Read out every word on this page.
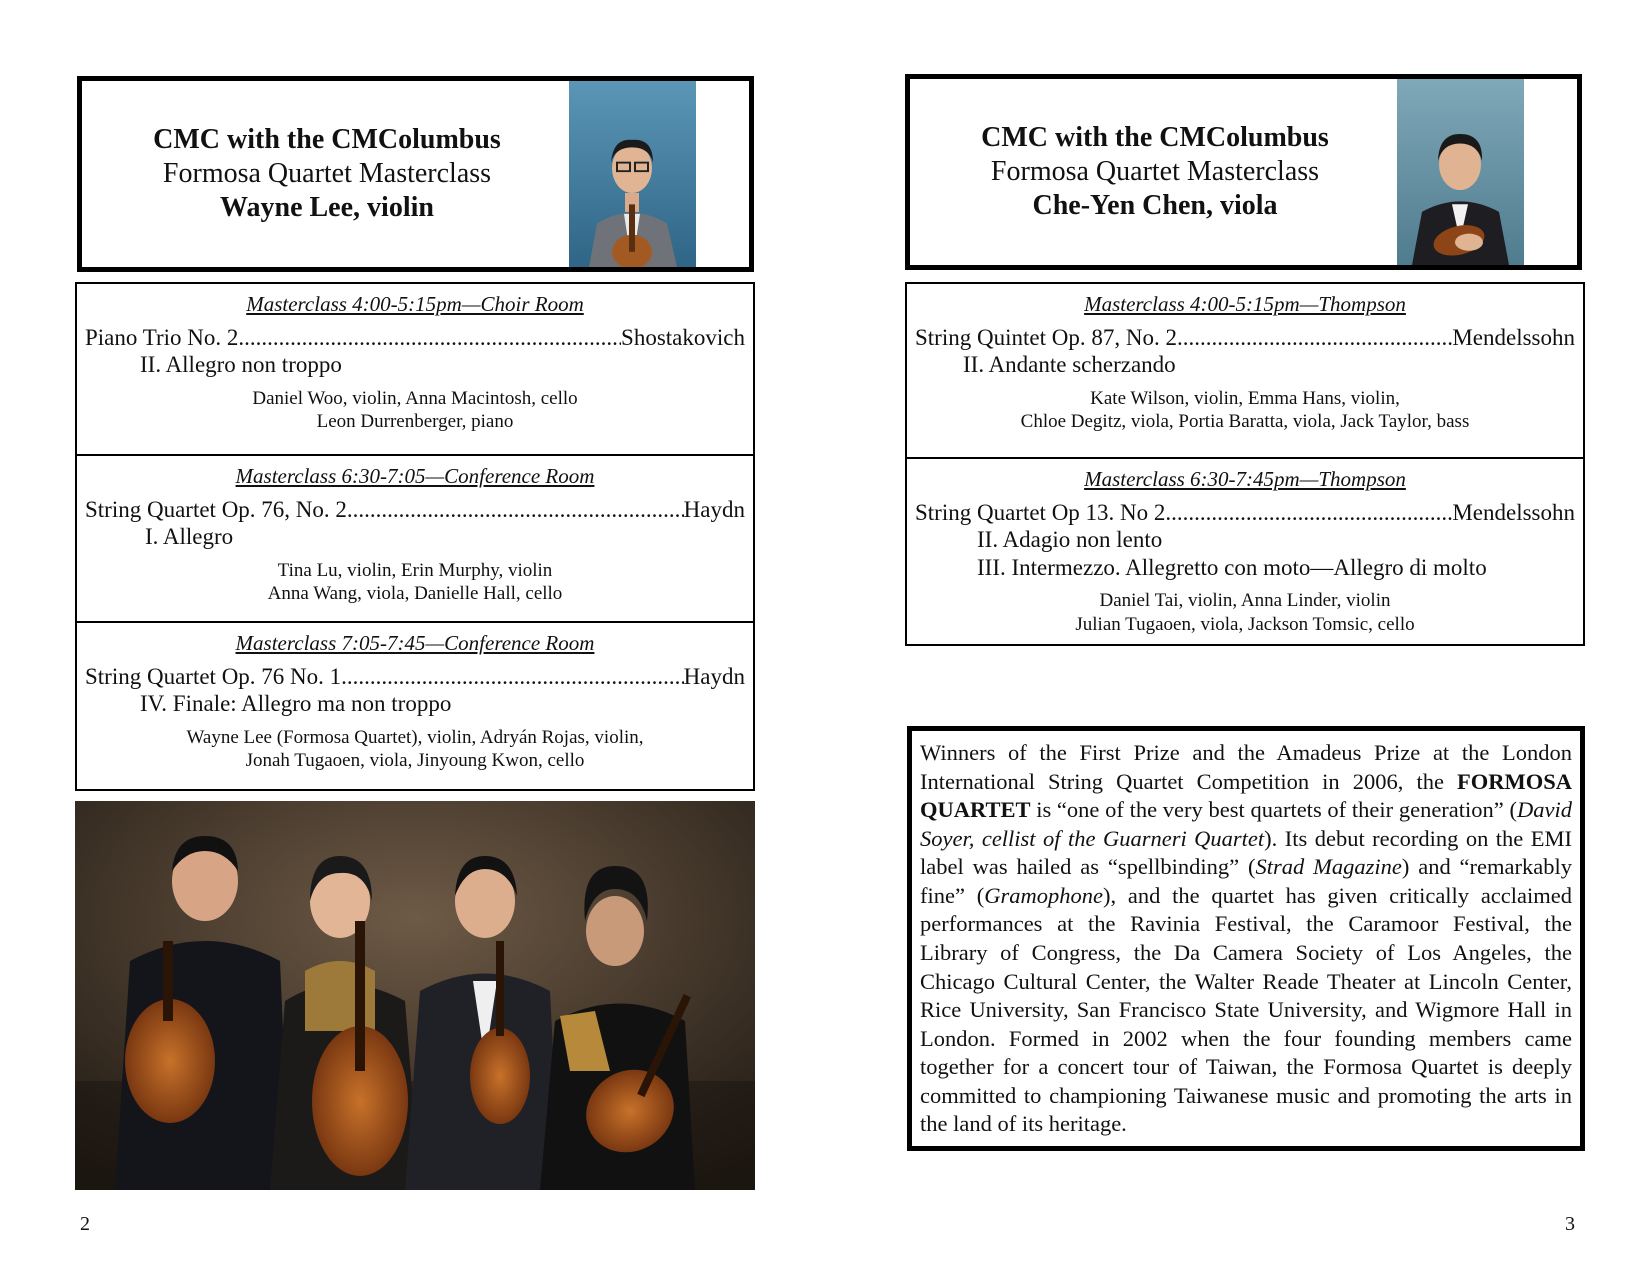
CMC with the CMColumbus
Formosa Quartet Masterclass
Wayne Lee, violin
Masterclass 4:00-5:15pm—Choir Room
Piano Trio No. 2 .....	Shostakovich
II. Allegro non troppo
Daniel Woo, violin, Anna Macintosh, cello
Leon Durrenberger, piano
Masterclass 6:30-7:05—Conference Room
String Quartet Op. 76, No. 2 .....	Haydn
I. Allegro
Tina Lu, violin, Erin Murphy, violin
Anna Wang, viola, Danielle Hall, cello
Masterclass 7:05-7:45—Conference Room
String Quartet Op. 76 No. 1 .....	Haydn
IV. Finale: Allegro ma non troppo
Wayne Lee (Formosa Quartet), violin, Adryán Rojas, violin,
Jonah Tugaoen, viola, Jinyoung Kwon, cello
2
CMC with the CMColumbus
Formosa Quartet Masterclass
Che-Yen Chen, viola
Masterclass 4:00-5:15pm—Thompson
String Quintet Op. 87, No. 2 .....	Mendelssohn
II. Andante scherzando
Kate Wilson, violin, Emma Hans, violin,
Chloe Degitz, viola, Portia Baratta, viola, Jack Taylor, bass
Masterclass 6:30-7:45pm—Thompson
String Quartet Op 13. No 2 .....	Mendelssohn
II. Adagio non lento
III. Intermezzo. Allegretto con moto—Allegro di molto
Daniel Tai, violin, Anna Linder, violin
Julian Tugaoen, viola, Jackson Tomsic, cello
Winners of the First Prize and the Amadeus Prize at the London International String Quartet Competition in 2006, the FORMOSA QUARTET is “one of the very best quartets of their generation” (David Soyer, cellist of the Guarneri Quartet). Its debut recording on the EMI label was hailed as “spellbinding” (Strad Magazine) and “remarkably fine” (Gramophone), and the quartet has given critically acclaimed performances at the Ravinia Festival, the Caramoor Festival, the Library of Congress, the Da Camera Society of Los Angeles, the Chicago Cultural Center, the Walter Reade Theater at Lincoln Center, Rice University, San Francisco State University, and Wigmore Hall in London. Formed in 2002 when the four founding members came together for a concert tour of Taiwan, the Formosa Quartet is deeply committed to championing Taiwanese music and promoting the arts in the land of its heritage.
3
